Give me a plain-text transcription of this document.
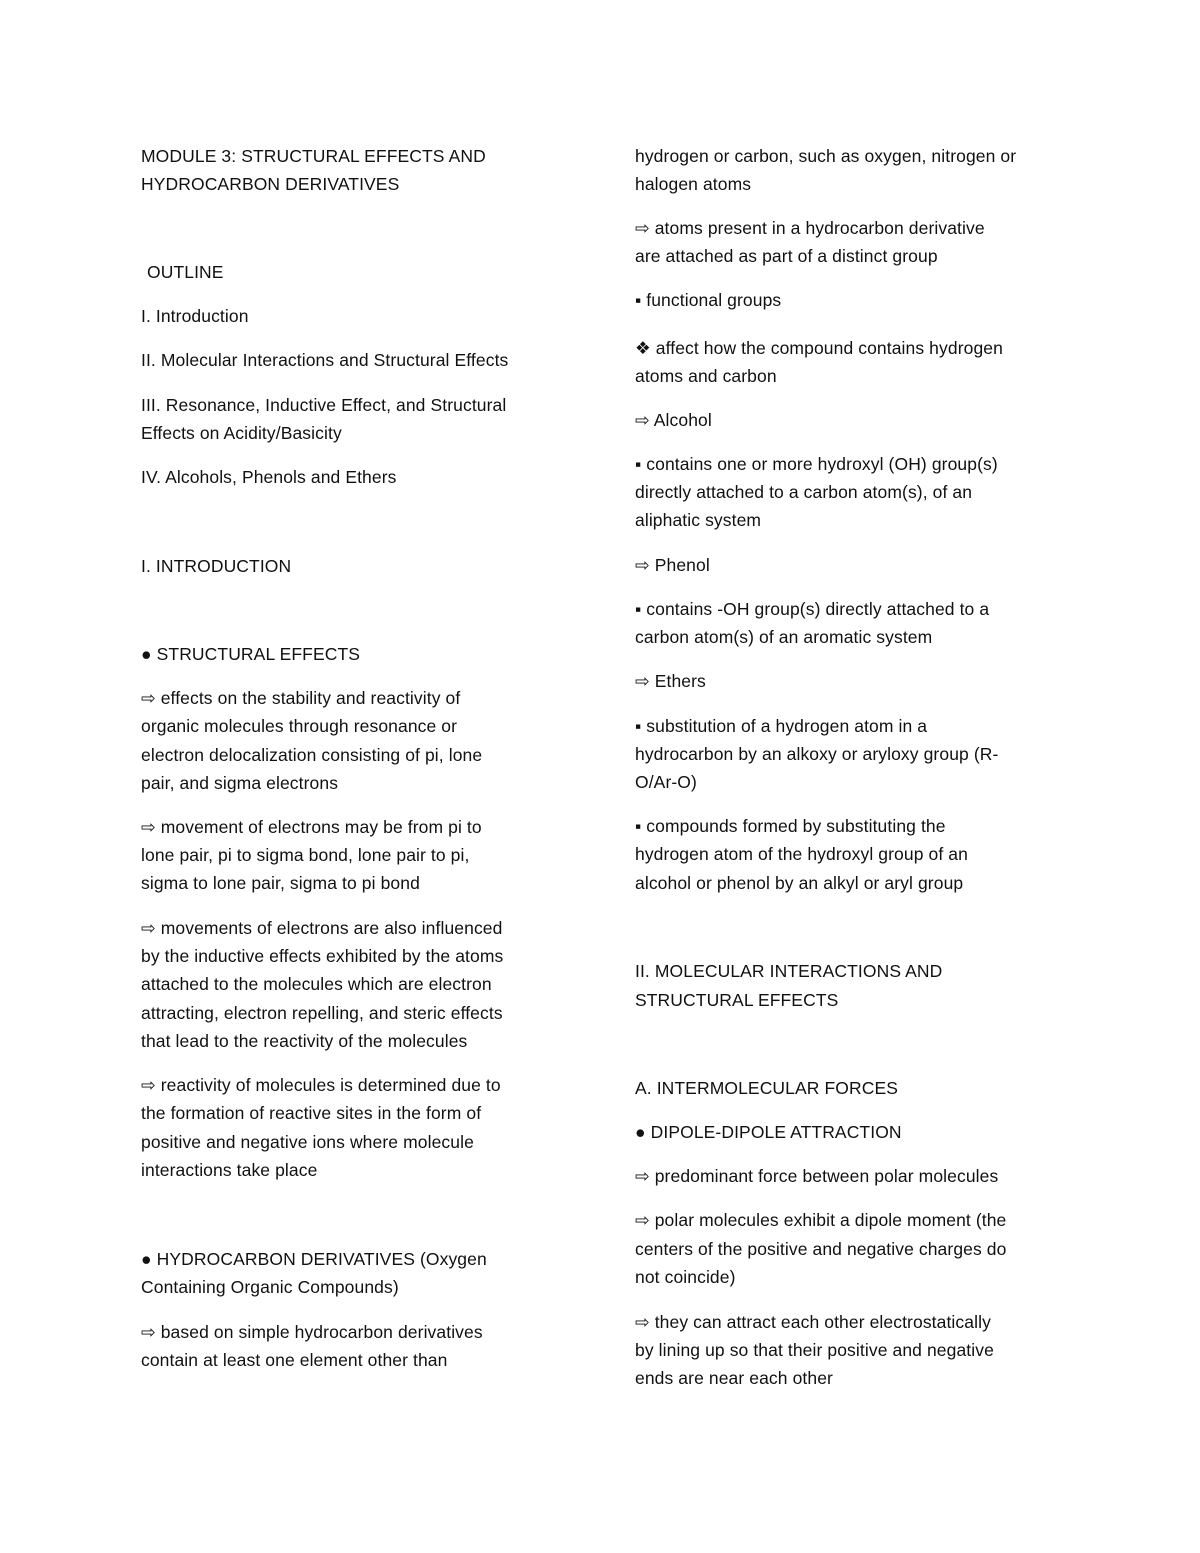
MODULE 3: STRUCTURAL EFFECTS AND
HYDROCARBON DERIVATIVES
OUTLINE
I. Introduction
II. Molecular Interactions and Structural Effects
III. Resonance, Inductive Effect, and Structural
Effects on Acidity/Basicity
IV. Alcohols, Phenols and Ethers
I. INTRODUCTION
● STRUCTURAL EFFECTS
⇨ effects on the stability and reactivity of
organic molecules through resonance or
electron delocalization consisting of pi, lone
pair, and sigma electrons
⇨ movement of electrons may be from pi to
lone pair, pi to sigma bond, lone pair to pi,
sigma to lone pair, sigma to pi bond
⇨ movements of electrons are also influenced
by the inductive effects exhibited by the atoms
attached to the molecules which are electron
attracting, electron repelling, and steric effects
that lead to the reactivity of the molecules
⇨ reactivity of molecules is determined due to
the formation of reactive sites in the form of
positive and negative ions where molecule
interactions take place
● HYDROCARBON DERIVATIVES (Oxygen
Containing Organic Compounds)
⇨ based on simple hydrocarbon derivatives
contain at least one element other than
hydrogen or carbon, such as oxygen, nitrogen or
halogen atoms
⇨ atoms present in a hydrocarbon derivative
are attached as part of a distinct group
▪ functional groups
❖ affect how the compound contains hydrogen
atoms and carbon
⇨ Alcohol
▪ contains one or more hydroxyl (OH) group(s)
directly attached to a carbon atom(s), of an
aliphatic system
⇨ Phenol
▪ contains -OH group(s) directly attached to a
carbon atom(s) of an aromatic system
⇨ Ethers
▪ substitution of a hydrogen atom in a
hydrocarbon by an alkoxy or aryloxy group (R-
O/Ar-O)
▪ compounds formed by substituting the
hydrogen atom of the hydroxyl group of an
alcohol or phenol by an alkyl or aryl group
II. MOLECULAR INTERACTIONS AND
STRUCTURAL EFFECTS
A. INTERMOLECULAR FORCES
● DIPOLE-DIPOLE ATTRACTION
⇨ predominant force between polar molecules
⇨ polar molecules exhibit a dipole moment (the
centers of the positive and negative charges do
not coincide)
⇨ they can attract each other electrostatically
by lining up so that their positive and negative
ends are near each other
